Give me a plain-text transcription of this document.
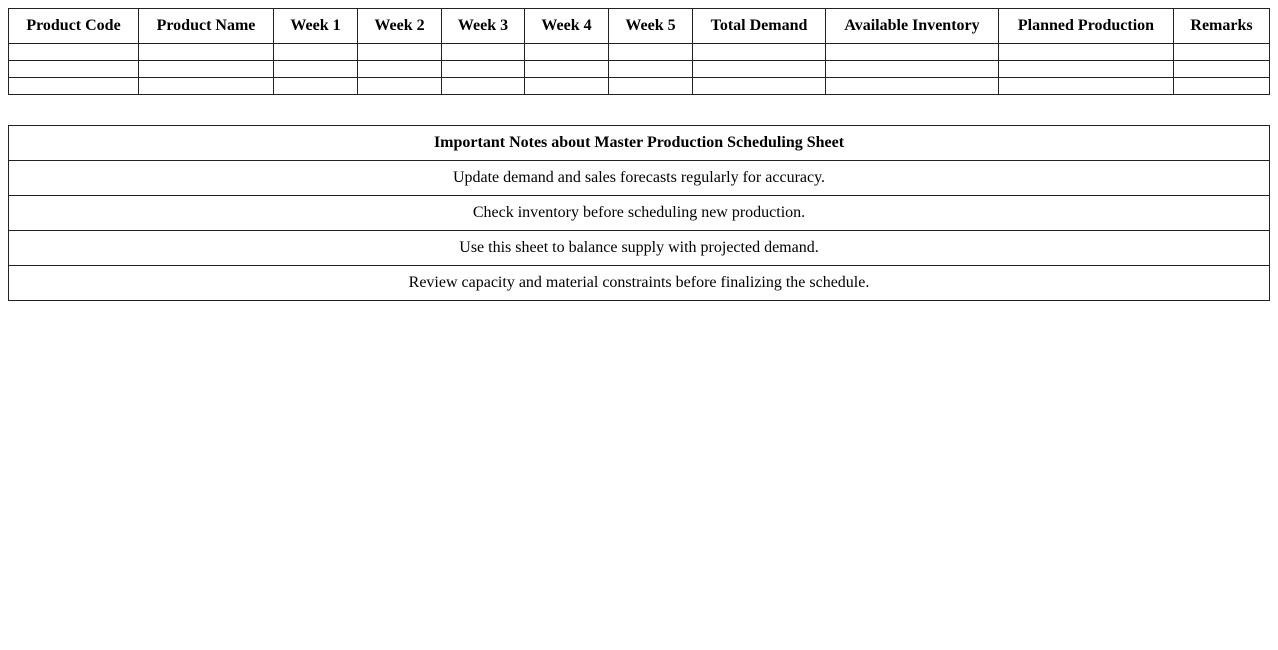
Product Code	Product Name	Week 1	Week 2	Week 3	Week 4	Week 5	Total Demand	Available Inventory	Planned Production	Remarks

Important Notes about Master Production Scheduling Sheet
Update demand and sales forecasts regularly for accuracy.
Check inventory before scheduling new production.
Use this sheet to balance supply with projected demand.
Review capacity and material constraints before finalizing the schedule.
